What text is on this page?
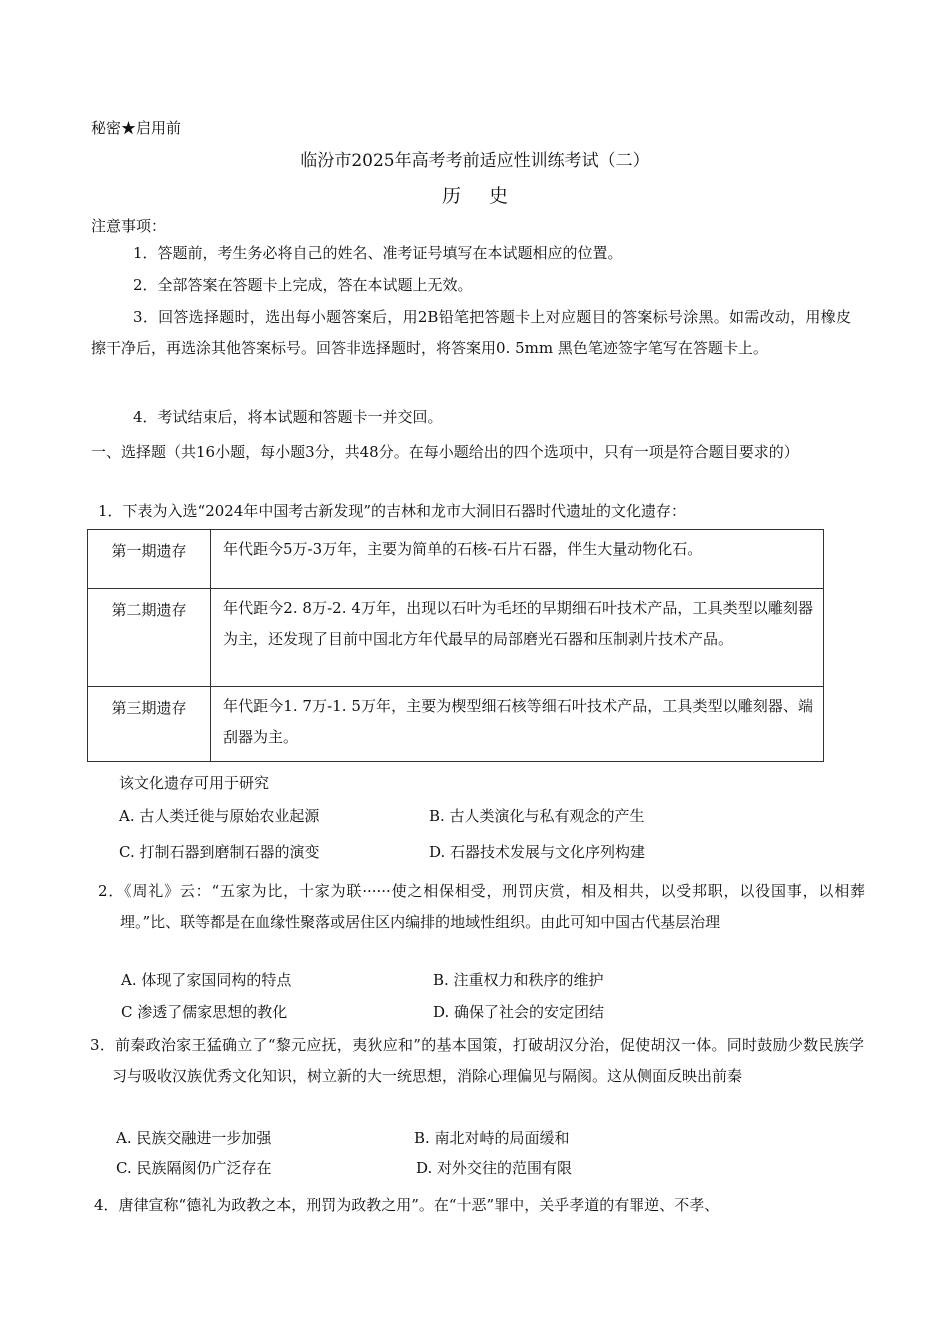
秘密★启用前
临汾市2025年高考考前适应性训练考试（二）
历史
注意事项：
1．答题前，考生务必将自己的姓名、准考证号填写在本试题相应的位置。
2．全部答案在答题卡上完成，答在本试题上无效。
3．回答选择题时，选出每小题答案后，用2B铅笔把答题卡上对应题目的答案标号涂黑。如需改动，用橡皮擦干净后，再选涂其他答案标号。回答非选择题时，将答案用0. 5mm 黑色笔迹签字笔写在答题卡上。
4．考试结束后，将本试题和答题卡一并交回。
一、选择题（共16小题，每小题3分，共48分。在每小题给出的四个选项中，只有一项是符合题目要求的）
1．下表为入选“2024年中国考古新发现”的吉林和龙市大洞旧石器时代遗址的文化遗存：
第一期遗存	年代距今5万-3万年，主要为简单的石核-石片石器，伴生大量动物化石。
第二期遗存	年代距今2. 8万-2. 4万年，出现以石叶为毛坯的早期细石叶技术产品，工具类型以雕刻器为主，还发现了目前中国北方年代最早的局部磨光石器和压制剥片技术产品。
第三期遗存	年代距今1. 7万-1. 5万年，主要为楔型细石核等细石叶技术产品，工具类型以雕刻器、端刮器为主。
该文化遗存可用于研究
A. 古人类迁徙与原始农业起源	B. 古人类演化与私有观念的产生
C. 打制石器到磨制石器的演变	D. 石器技术发展与文化序列构建
2．《周礼》云：“五家为比，十家为联······使之相保相受，刑罚庆赏，相及相共，以受邦职，以役国事，以相葬埋。”比、联等都是在血缘性聚落或居住区内编排的地域性组织。由此可知中国古代基层治理
A. 体现了家国同构的特点	B. 注重权力和秩序的维护
C 渗透了儒家思想的教化	D. 确保了社会的安定团结
3．前秦政治家王猛确立了“黎元应抚，夷狄应和”的基本国策，打破胡汉分治，促使胡汉一体。同时鼓励少数民族学习与吸收汉族优秀文化知识，树立新的大一统思想，消除心理偏见与隔阂。这从侧面反映出前秦
A. 民族交融进一步加强	B. 南北对峙的局面缓和
C. 民族隔阂仍广泛存在	D. 对外交往的范围有限
4．唐律宣称“德礼为政教之本，刑罚为政教之用”。在“十恶”罪中，关乎孝道的有罪逆、不孝、
